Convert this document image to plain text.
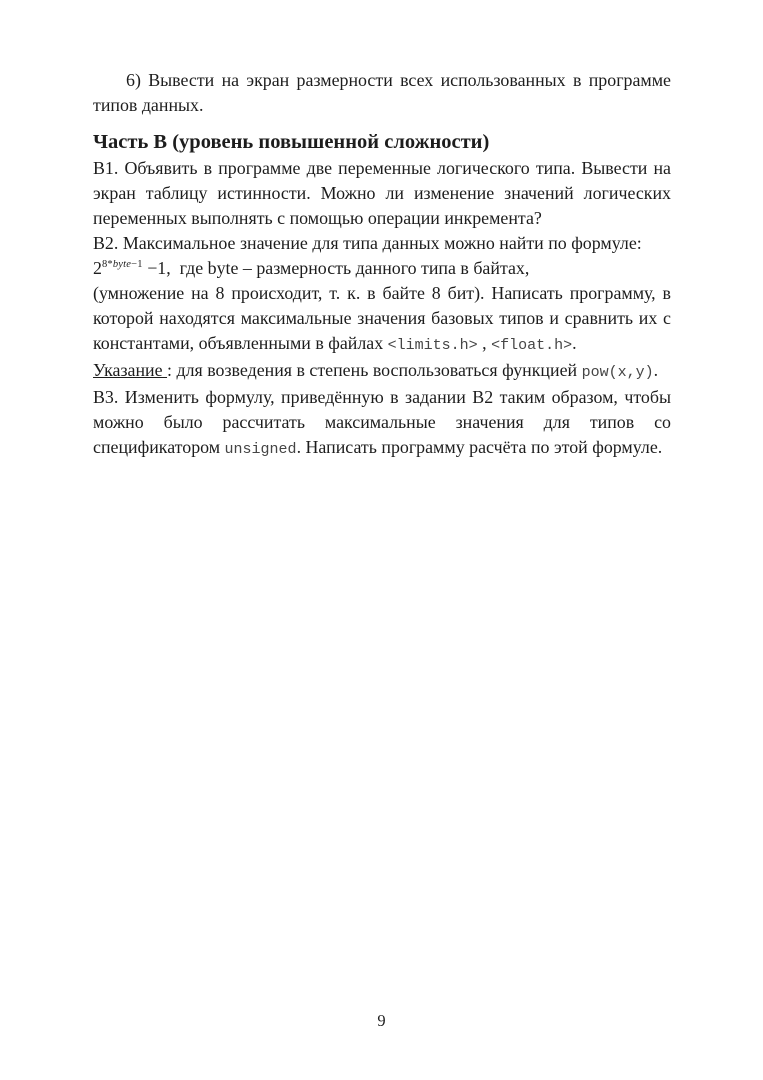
6) Вывести на экран размерности всех использованных в программе типов данных.

Часть В (уровень повышенной сложности)

В1. Объявить в программе две переменные логического типа. Вывести на экран таблицу истинности. Можно ли изменение значений логических переменных выполнять с помощью операции инкремента?

В2. Максимальное значение для типа данных можно найти по формуле:

$2^{8*byte-1} -1$,  где byte – размерность данного типа в байтах,

(умножение на 8 происходит, т. к. в байте 8 бит). Написать программу, в которой находятся максимальные значения базовых типов и сравнить их с константами, объявленными в файлах <limits.h> , <float.h>.

Указание : для возведения в степень воспользоваться функцией pow(x,y).

В3. Изменить формулу, приведённую в задании В2 таким образом, чтобы можно было рассчитать максимальные значения для типов со спецификатором unsigned. Написать программу расчёта по этой формуле.

9
